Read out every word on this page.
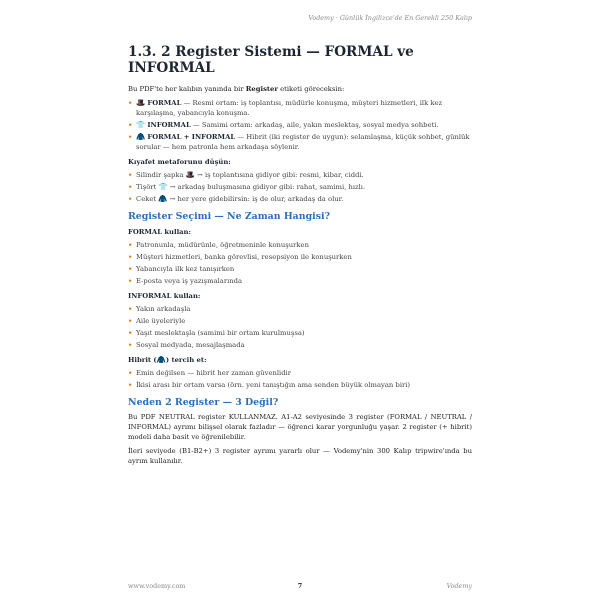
Vodemy · Günlük İngilizce'de En Gerekli 250 Kalıp
1.3. 2 Register Sistemi — FORMAL ve INFORMAL

Bu PDF'te her kalıbın yanında bir Register etiketi göreceksin:

• 🎩 FORMAL — Resmi ortam: iş toplantısı, müdürle konuşma, müşteri hizmetleri, ilk kez karşılaşma, yabancıyla konuşma.
• 👕 INFORMAL — Samimi ortam: arkadaş, aile, yakın meslektaş, sosyal medya sohbeti.
• 🧥 FORMAL + INFORMAL — Hibrit (iki register de uygun): selamlaşma, küçük sohbet, günlük sorular — hem patronla hem arkadaşa söylenir.
Kıyafet metaforunu düşün:
• Silindir şapka 🎩 → iş toplantısına gidiyor gibi: resmi, kibar, ciddi.
• Tişört 👕 → arkadaş buluşmasına gidiyor gibi: rahat, samimi, hızlı.
• Ceket 🧥 → her yere gidebilirsin: iş de olur, arkadaş da olur.
Register Seçimi — Ne Zaman Hangisi?
FORMAL kullan:
• Patronunla, müdürünle, öğretmeninle konuşurken
• Müşteri hizmetleri, banka görevlisi, resepsiyon ile konuşurken
• Yabancıyla ilk kez tanışırken
• E-posta veya iş yazışmalarında
INFORMAL kullan:
• Yakın arkadaşla
• Aile üyeleriyle
• Yaşıt meslektaşla (samimi bir ortam kurulmuşsa)
• Sosyal medyada, mesajlaşmada
Hibrit (🧥) tercih et:
• Emin değilsen — hibrit her zaman güvenlidir
• İkisi arası bir ortam varsa (örn. yeni tanıştığın ama senden büyük olmayan biri)
Neden 2 Register — 3 Değil?

Bu PDF NEUTRAL register KULLANMAZ. A1-A2 seviyesinde 3 register (FORMAL / NEUTRAL / INFORMAL) ayrımı bilişsel olarak fazladır — öğrenci karar yorgunluğu yaşar. 2 register (+ hibrit) modeli daha basit ve öğrenilebilir.

İleri seviyede (B1-B2+) 3 register ayrımı yararlı olur — Vodemy'nin 300 Kalıp tripwire'ında bu ayrım kullanılır.

www.vodemy.com	7	Vodemy
